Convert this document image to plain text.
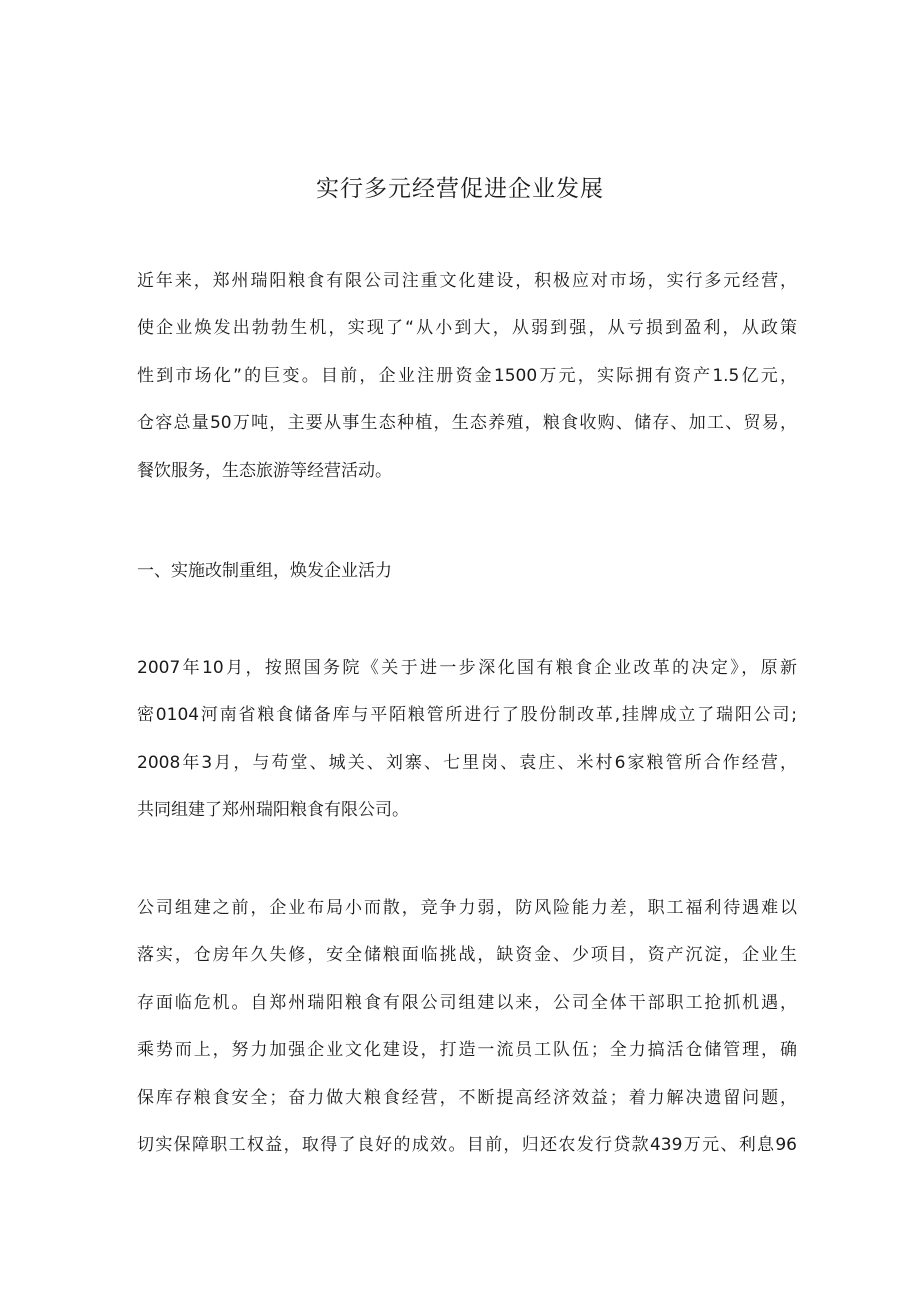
实行多元经营促进企业发展
近年来，郑州瑞阳粮食有限公司注重文化建设，积极应对市场，实行多元经营，
使企业焕发出勃勃生机，实现了“从小到大，从弱到强，从亏损到盈利，从政策
性到市场化”的巨变。目前，企业注册资金1500万元，实际拥有资产1.5亿元，
仓容总量50万吨，主要从事生态种植，生态养殖，粮食收购、储存、加工、贸易，
餐饮服务，生态旅游等经营活动。
一、实施改制重组，焕发企业活力
2007年10月，按照国务院《关于进一步深化国有粮食企业改革的决定》，原新
密0104河南省粮食储备库与平陌粮管所进行了股份制改革,挂牌成立了瑞阳公司;
2008年3月，与苟堂、城关、刘寨、七里岗、袁庄、米村6家粮管所合作经营，
共同组建了郑州瑞阳粮食有限公司。
公司组建之前，企业布局小而散，竞争力弱，防风险能力差，职工福利待遇难以
落实，仓房年久失修，安全储粮面临挑战，缺资金、少项目，资产沉淀，企业生
存面临危机。自郑州瑞阳粮食有限公司组建以来，公司全体干部职工抢抓机遇，
乘势而上，努力加强企业文化建设，打造一流员工队伍；全力搞活仓储管理，确
保库存粮食安全；奋力做大粮食经营，不断提高经济效益；着力解决遗留问题，
切实保障职工权益，取得了良好的成效。目前，归还农发行贷款439万元、利息96
